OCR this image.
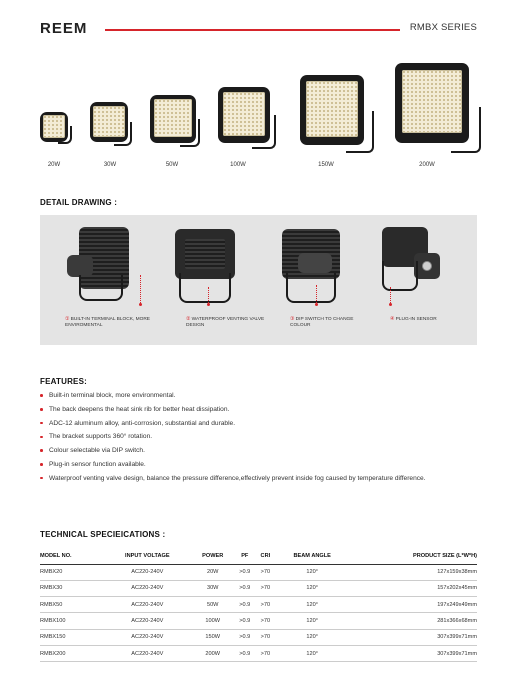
REEM	RMBX SERIES
20W	30W	50W	100W	150W	200W
DETAIL DRAWING :
① BUILT-IN TERMINAL BLOCK, MORE ENVIROMENTAL
② WATERPROOF VENTING VALVE DESIGN
③ DIP SWITCH TO CHANGE COLOUR
④ PLUG-IN SENSOR
FEATURES:
Built-in terminal block, more environmental.
The back deepens the heat sink rib for better heat dissipation.
ADC-12 aluminum alloy, anti-corrosion, substantial and durable.
The bracket supports 360° rotation.
Colour selectable via DIP switch.
Plug-in sensor function available.
Waterproof venting valve design, balance the pressure difference,effectively prevent inside fog caused by temperature difference.
TECHNICAL SPECIEICATIONS :
MODEL NO.	INPUT VOLTAGE	POWER	PF	CRI	BEAM ANGLE	PRODUCT SIZE (L*W*H)
RMBX20	AC220-240V	20W	>0.9	>70	120°	127x159x38mm
RMBX30	AC220-240V	30W	>0.9	>70	120°	157x202x45mm
RMBX50	AC220-240V	50W	>0.9	>70	120°	197x249x49mm
RMBX100	AC220-240V	100W	>0.9	>70	120°	281x366x68mm
RMBX150	AC220-240V	150W	>0.9	>70	120°	307x399x71mm
RMBX200	AC220-240V	200W	>0.9	>70	120°	307x399x71mm
